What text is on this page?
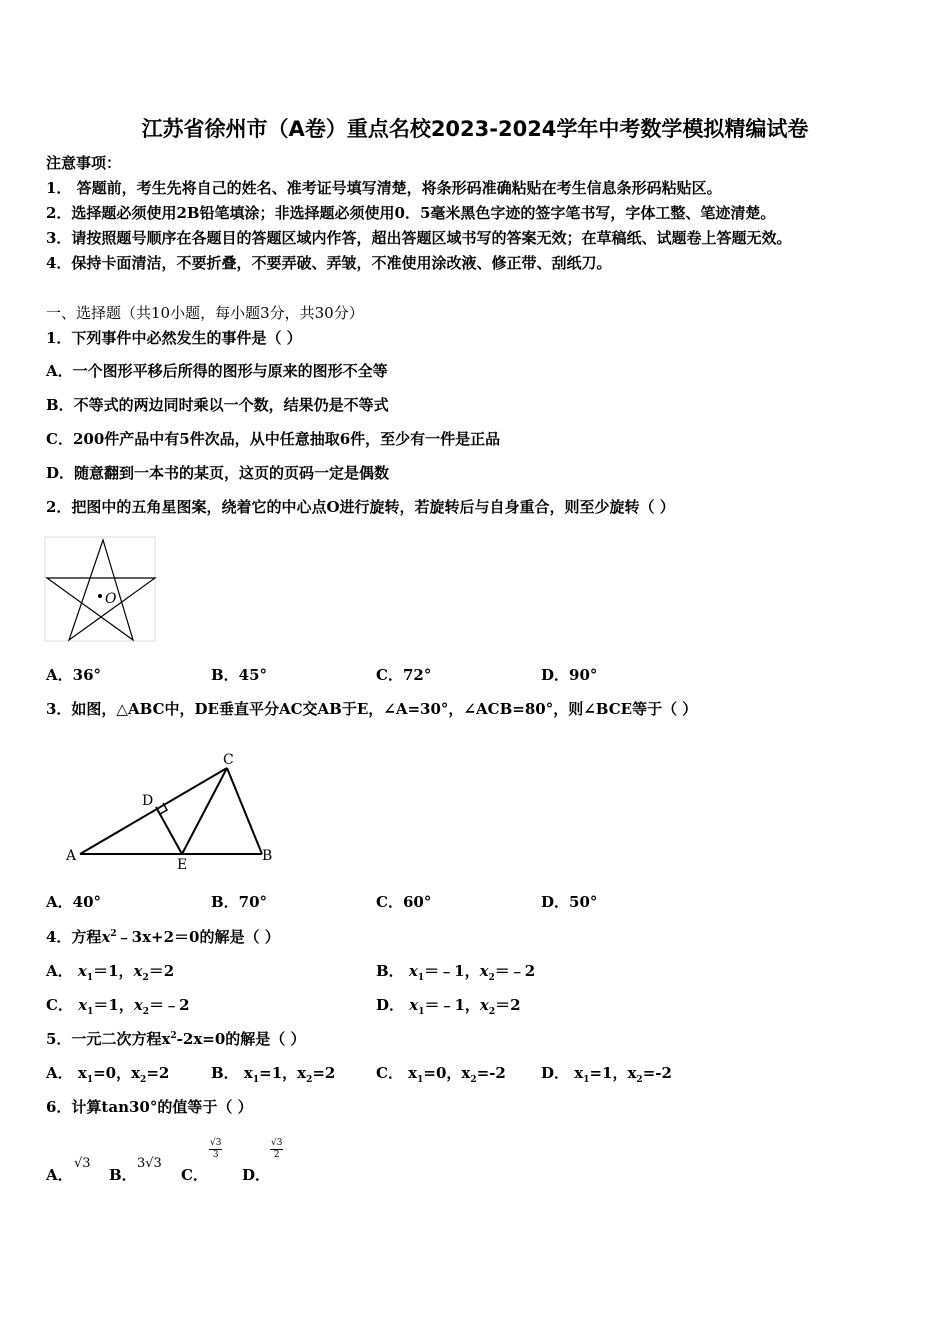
江苏省徐州市（A卷）重点名校2023-2024学年中考数学模拟精编试卷
注意事项：
1． 答题前，考生先将自己的姓名、准考证号填写清楚，将条形码准确粘贴在考生信息条形码粘贴区。
2．选择题必须使用2B铅笔填涂；非选择题必须使用0．5毫米黑色字迹的签字笔书写，字体工整、笔迹清楚。
3．请按照题号顺序在各题目的答题区域内作答，超出答题区域书写的答案无效；在草稿纸、试题卷上答题无效。
4．保持卡面清洁，不要折叠，不要弄破、弄皱，不准使用涂改液、修正带、刮纸刀。
一、选择题（共10小题，每小题3分，共30分）
1．下列事件中必然发生的事件是（ ）
A．一个图形平移后所得的图形与原来的图形不全等
B．不等式的两边同时乘以一个数，结果仍是不等式
C．200件产品中有5件次品，从中任意抽取6件，至少有一件是正品
D．随意翻到一本书的某页，这页的页码一定是偶数
2．把图中的五角星图案，绕着它的中心点O进行旋转，若旋转后与自身重合，则至少旋转（ ）
O
A．36°	B．45°	C．72°	D．90°
3．如图，△ABC中，DE垂直平分AC交AB于E，∠A=30°，∠ACB=80°，则∠BCE等于（ ）
A	B
C
D
E
A．40°	B．70°	C．60°	D．50°
4．方程$x^2﹣3x+2=0$的解是（ ）
A． $x_1=1$，$x_2=2$	B． $x_1=﹣1$，$x_2=﹣2$
C． $x_1=1$，$x_2=﹣2$	D． $x_1=﹣1$，$x_2=2$
5．一元二次方程$x^2-2x=0$的解是（ ）
A． $x_1=0$，$x_2=2$	B． $x_1=1$，$x_2=2$	C． $x_1=0$，$x_2=-2$ D． $x_1=1$，$x_2=-2$
6．计算tan30°的值等于（ ）
A．
√3
B．
3√3
C．
$\frac{√3}{3}$
D．
$\frac{√3}{2}$
